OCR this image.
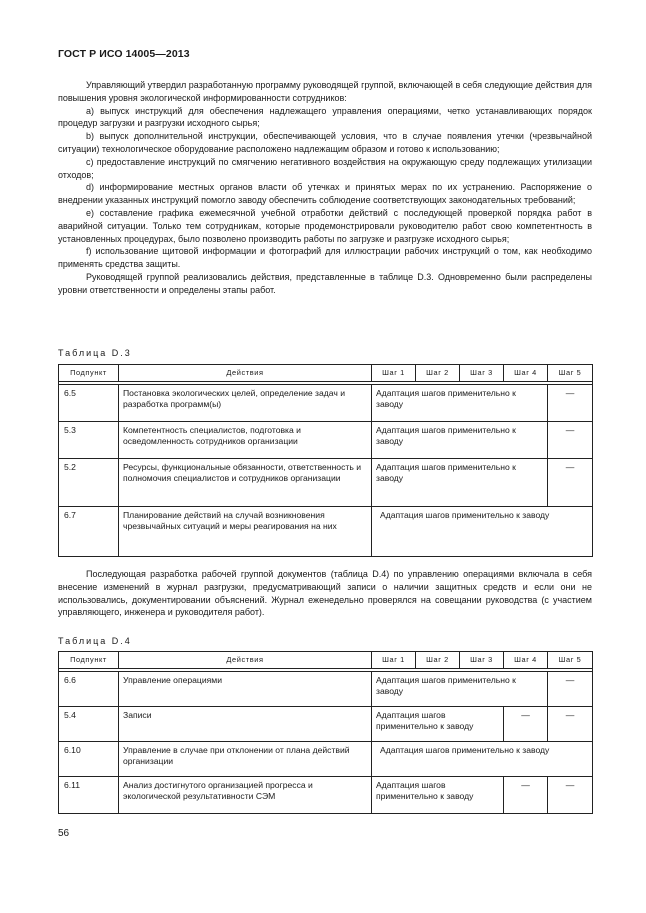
ГОСТ Р ИСО 14005—2013

Управляющий утвердил разработанную программу руководящей группой, включающей в себя следующие действия для повышения уровня экологической информированности сотрудников:

a) выпуск инструкций для обеспечения надлежащего управления операциями, четко устанавливающих порядок процедур загрузки и разгрузки исходного сырья;

b) выпуск дополнительной инструкции, обеспечивающей условия, что в случае появления утечки (чрезвычайной ситуации) технологическое оборудование расположено надлежащим образом и готово к использованию;

c) предоставление инструкций по смягчению негативного воздействия на окружающую среду подлежащих утилизации отходов;

d) информирование местных органов власти об утечках и принятых мерах по их устранению. Распоряжение о внедрении указанных инструкций помогло заводу обеспечить соблюдение соответствующих законодательных требований;

e) составление графика ежемесячной учебной отработки действий с последующей проверкой порядка работ в аварийной ситуации. Только тем сотрудникам, которые продемонстрировали руководителю работ свою компетентность в установленных процедурах, было позволено производить работы по загрузке и разгрузке исходного сырья;

f) использование щитовой информации и фотографий для иллюстрации рабочих инструкций о том, как необходимо применять средства защиты.

Руководящей группой реализовались действия, представленные в таблице D.3. Одновременно были распределены уровни ответственности и определены этапы работ.

Таблица D.3
Подпункт	Действия	Шаг 1	Шаг 2	Шаг 3	Шаг 4	Шаг 5

6.5	Постановка экологических целей, определение задач и разработка программ(ы)	Адаптация шагов применительно к заводу				—
5.3	Компетентность специалистов, подготовка и осведомленность сотрудников организации	Адаптация шагов применительно к заводу				—
5.2	Ресурсы, функциональные обязанности, ответственность и полномочия специалистов и сотрудников организации	Адаптация шагов применительно к заводу				—
6.7	Планирование действий на случай возникновения чрезвычайных ситуаций и меры реагирования на них	Адаптация шагов применительно к заводу				

Последующая разработка рабочей группой документов (таблица D.4) по управлению операциями включала в себя внесение изменений в журнал разгрузки, предусматривающий записи о наличии защитных средств и если они не использовались, документировании объяснений. Журнал еженедельно проверялся на совещании руководства (с участием управляющего, инженера и руководителя работ).

Таблица D.4
Подпункт	Действия	Шаг 1	Шаг 2	Шаг 3	Шаг 4	Шаг 5

6.6	Управление операциями	Адаптация шагов применительно к заводу				—
5.4	Записи	Адаптация шагов применительно к заводу			—	—
6.10	Управление в случае при отклонении от плана действий организации	Адаптация шагов применительно к заводу				
6.11	Анализ достигнутого организацией прогресса и экологической результативности СЭМ	Адаптация шагов применительно к заводу			—	—
56
